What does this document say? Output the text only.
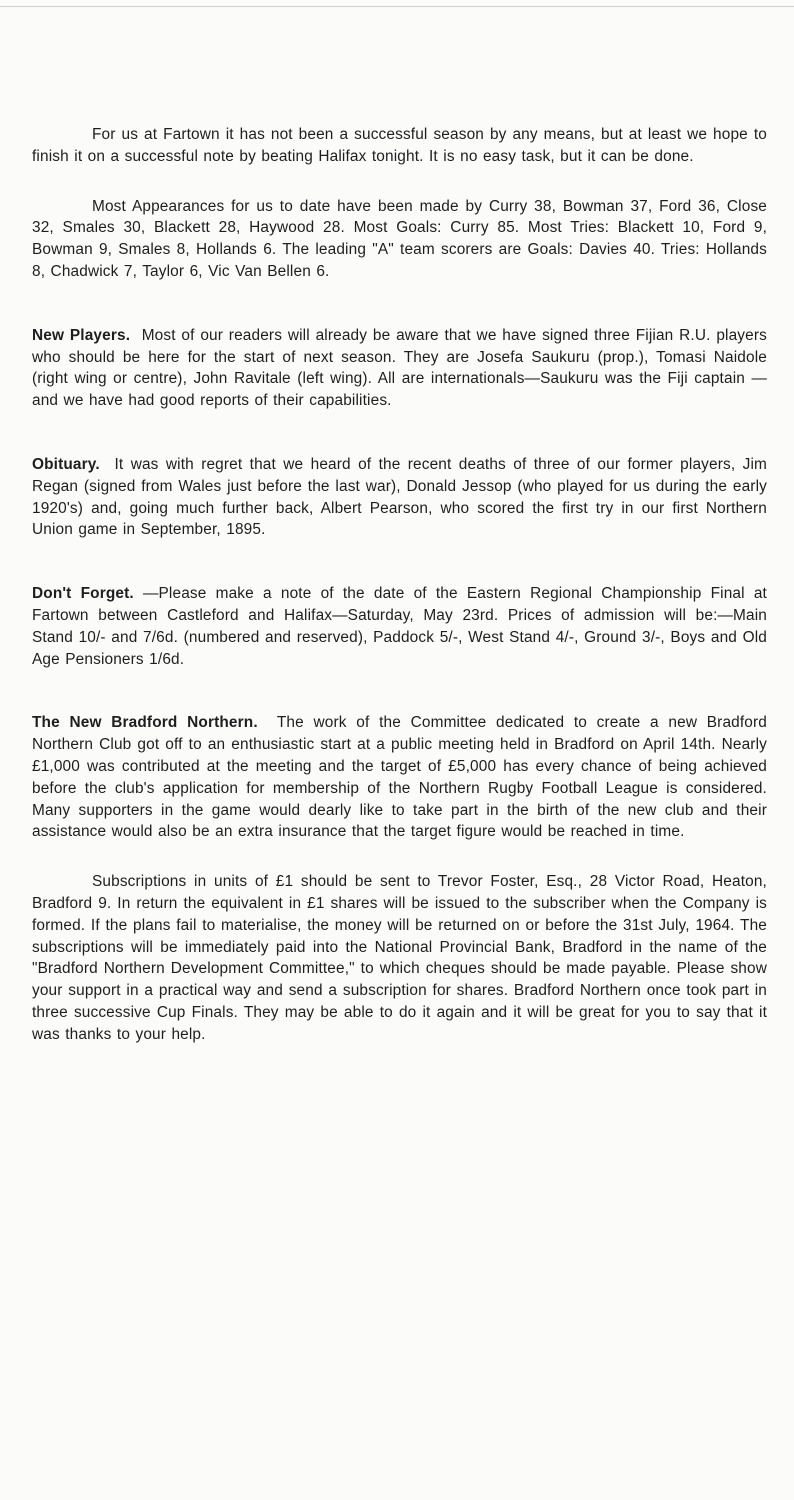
For us at Fartown it has not been a successful season by any means, but at least we hope to finish it on a successful note by beating Halifax tonight. It is no easy task, but it can be done.

Most Appearances for us to date have been made by Curry 38, Bowman 37, Ford 36, Close 32, Smales 30, Blackett 28, Haywood 28. Most Goals: Curry 85. Most Tries: Blackett 10, Ford 9, Bowman 9, Smales 8, Hollands 6. The leading "A" team scorers are Goals: Davies 40. Tries: Hollands 8, Chadwick 7, Taylor 6, Vic Van Bellen 6.

New Players. Most of our readers will already be aware that we have signed three Fijian R.U. players who should be here for the start of next season. They are Josefa Saukuru (prop.), Tomasi Naidole (right wing or centre), John Ravitale (left wing). All are internationals—Saukuru was the Fiji captain —and we have had good reports of their capabilities.

Obituary. It was with regret that we heard of the recent deaths of three of our former players, Jim Regan (signed from Wales just before the last war), Donald Jessop (who played for us during the early 1920's) and, going much further back, Albert Pearson, who scored the first try in our first Northern Union game in September, 1895.

Don't Forget. —Please make a note of the date of the Eastern Regional Championship Final at Fartown between Castleford and Halifax—Saturday, May 23rd. Prices of admission will be:—Main Stand 10/- and 7/6d. (numbered and reserved), Paddock 5/-, West Stand 4/-, Ground 3/-, Boys and Old Age Pensioners 1/6d.

The New Bradford Northern. The work of the Committee dedicated to create a new Bradford Northern Club got off to an enthusiastic start at a public meeting held in Bradford on April 14th. Nearly £1,000 was contributed at the meeting and the target of £5,000 has every chance of being achieved before the club's application for membership of the Northern Rugby Football League is considered. Many supporters in the game would dearly like to take part in the birth of the new club and their assistance would also be an extra insurance that the target figure would be reached in time.

Subscriptions in units of £1 should be sent to Trevor Foster, Esq., 28 Victor Road, Heaton, Bradford 9. In return the equivalent in £1 shares will be issued to the subscriber when the Company is formed. If the plans fail to materialise, the money will be returned on or before the 31st July, 1964. The subscriptions will be immediately paid into the National Provincial Bank, Bradford in the name of the "Bradford Northern Development Committee," to which cheques should be made payable. Please show your support in a practical way and send a subscription for shares. Bradford Northern once took part in three successive Cup Finals. They may be able to do it again and it will be great for you to say that it was thanks to your help.
